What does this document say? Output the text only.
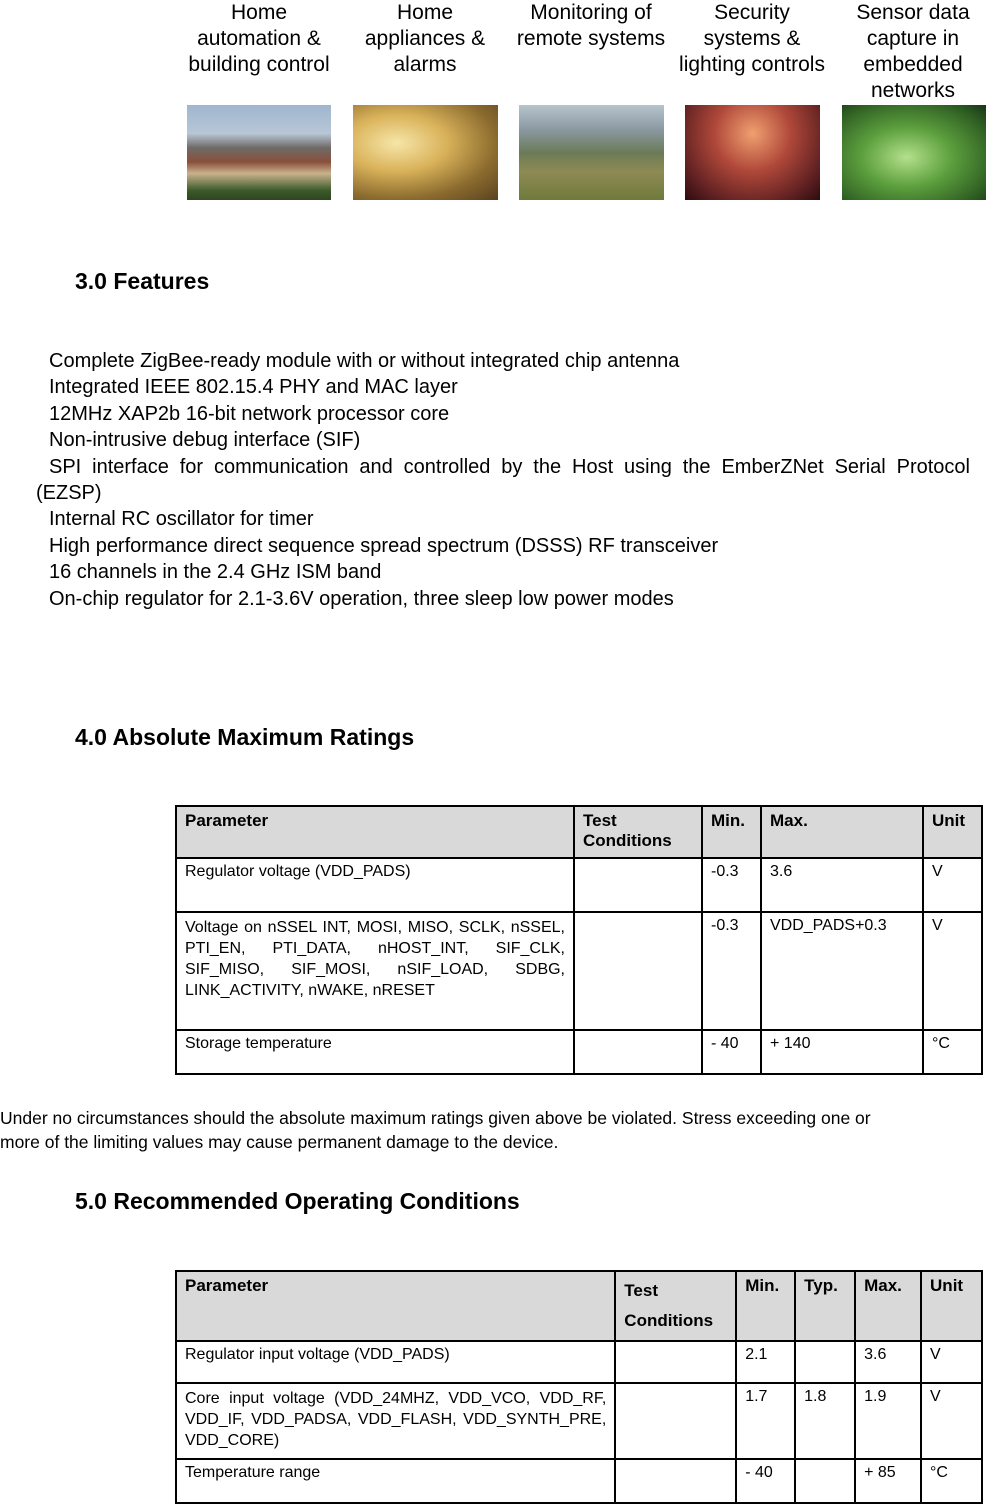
Home automation & building control
Home appliances & alarms
Monitoring of remote systems
Security systems & lighting controls
Sensor data capture in embedded networks
3.0 Features
Complete ZigBee-ready module with or without integrated chip antenna
Integrated IEEE 802.15.4 PHY and MAC layer
12MHz XAP2b 16-bit network processor core
Non-intrusive debug interface (SIF)
SPI interface for communication and controlled by the Host using the EmberZNet Serial Protocol (EZSP)
Internal RC oscillator for timer
High performance direct sequence spread spectrum (DSSS) RF transceiver
16 channels in the 2.4 GHz ISM band
On-chip regulator for 2.1-3.6V operation, three sleep low power modes
4.0 Absolute Maximum Ratings
Parameter	Test Conditions	Min.	Max.	Unit
Regulator voltage (VDD_PADS)		-0.3	3.6	V
Voltage on nSSEL INT, MOSI, MISO, SCLK, nSSEL, PTI_EN, PTI_DATA, nHOST_INT, SIF_CLK, SIF_MISO, SIF_MOSI, nSIF_LOAD, SDBG, LINK_ACTIVITY, nWAKE, nRESET		-0.3	VDD_PADS+0.3	V
Storage temperature		- 40	+ 140	°C
Under no circumstances should the absolute maximum ratings given above be violated. Stress exceeding one or more of the limiting values may cause permanent damage to the device.
5.0 Recommended Operating Conditions
Parameter	Test Conditions	Min.	Typ.	Max.	Unit
Regulator input voltage (VDD_PADS)		2.1		3.6	V
Core input voltage (VDD_24MHZ, VDD_VCO, VDD_RF, VDD_IF, VDD_PADSA, VDD_FLASH, VDD_SYNTH_PRE, VDD_CORE)		1.7	1.8	1.9	V
Temperature range		- 40		+ 85	°C
